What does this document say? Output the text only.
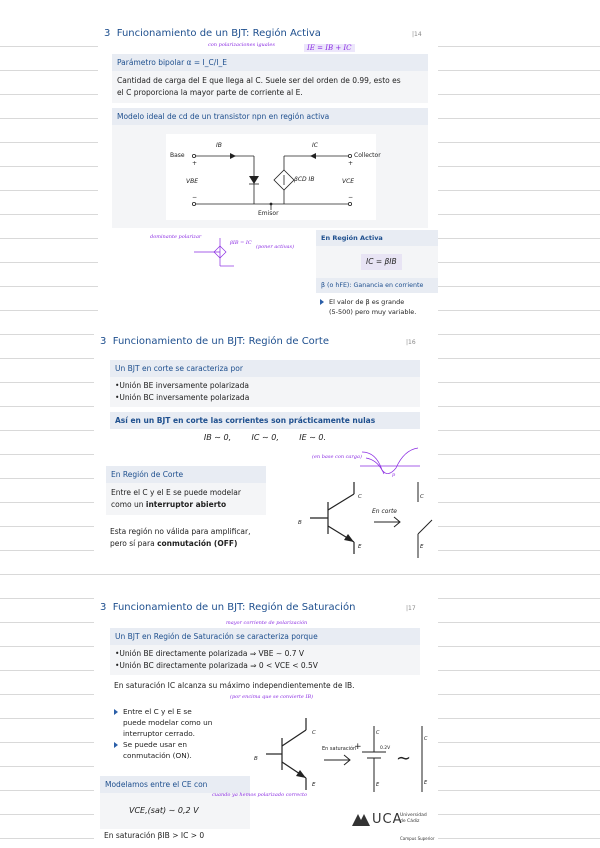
3 Funcionamiento de un BJT: Región Activa	|14
con polarizaciones iguales	IE = IB + IC
Parámetro bipolar α = I_C/I_E
Cantidad de carga del E que llega al C. Suele ser del orden de 0.99, esto es
el C proporciona la mayor parte de corriente al E.
Modelo ideal de cd de un transistor npn en región activa
Base	Collector
Emisor
IB	IC
VBE	VCE
βCD IB
+
−
+
−
dominante polarizar
βIB = IC
(poner activas)
En Región Activa
IC = βIB
β (o hFE): Ganancia en corriente
El valor de β es grande
(5-500) pero muy variable.
3 Funcionamiento de un BJT: Región de Corte	|16
Un BJT en corte se caracteriza por
•Unión BE inversamente polarizada
•Unión BC inversamente polarizada
Así en un BJT en corte las corrientes son prácticamente nulas
IB ∼ 0,        IC ∼ 0,        IE ∼ 0.
(en base con carga)
p
En Región de Corte
Entre el C y el E se puede modelar
como un interruptor abierto
Esta región no válida para amplificar,
pero sí para conmutación (OFF)
C
B
E
En corte
C
E
3 Funcionamiento de un BJT: Región de Saturación	|17
mayor corriente de polarización
Un BJT en Región de Saturación se caracteriza porque
•Unión BE directamente polarizada ⇒ VBE ∼ 0.7 V
•Unión BC directamente polarizada ⇒ 0 < VCE < 0.5V
En saturación IC alcanza su máximo independientemente de IB.
(por encima que se convierte IB)
Entre el C y el E se
puede modelar como un
interruptor cerrado.
Se puede usar en
conmutación (ON).
Modelamos entre el CE con
VCE,(sat) ∼ 0,2 V
cuando ya hemos polarizado correcto
En saturación βIB > IC > 0
C
B
E
En saturación
+	0.2V
C
E
∼
C
E
UCA
Universidad
de Cádiz
Campus Superior
